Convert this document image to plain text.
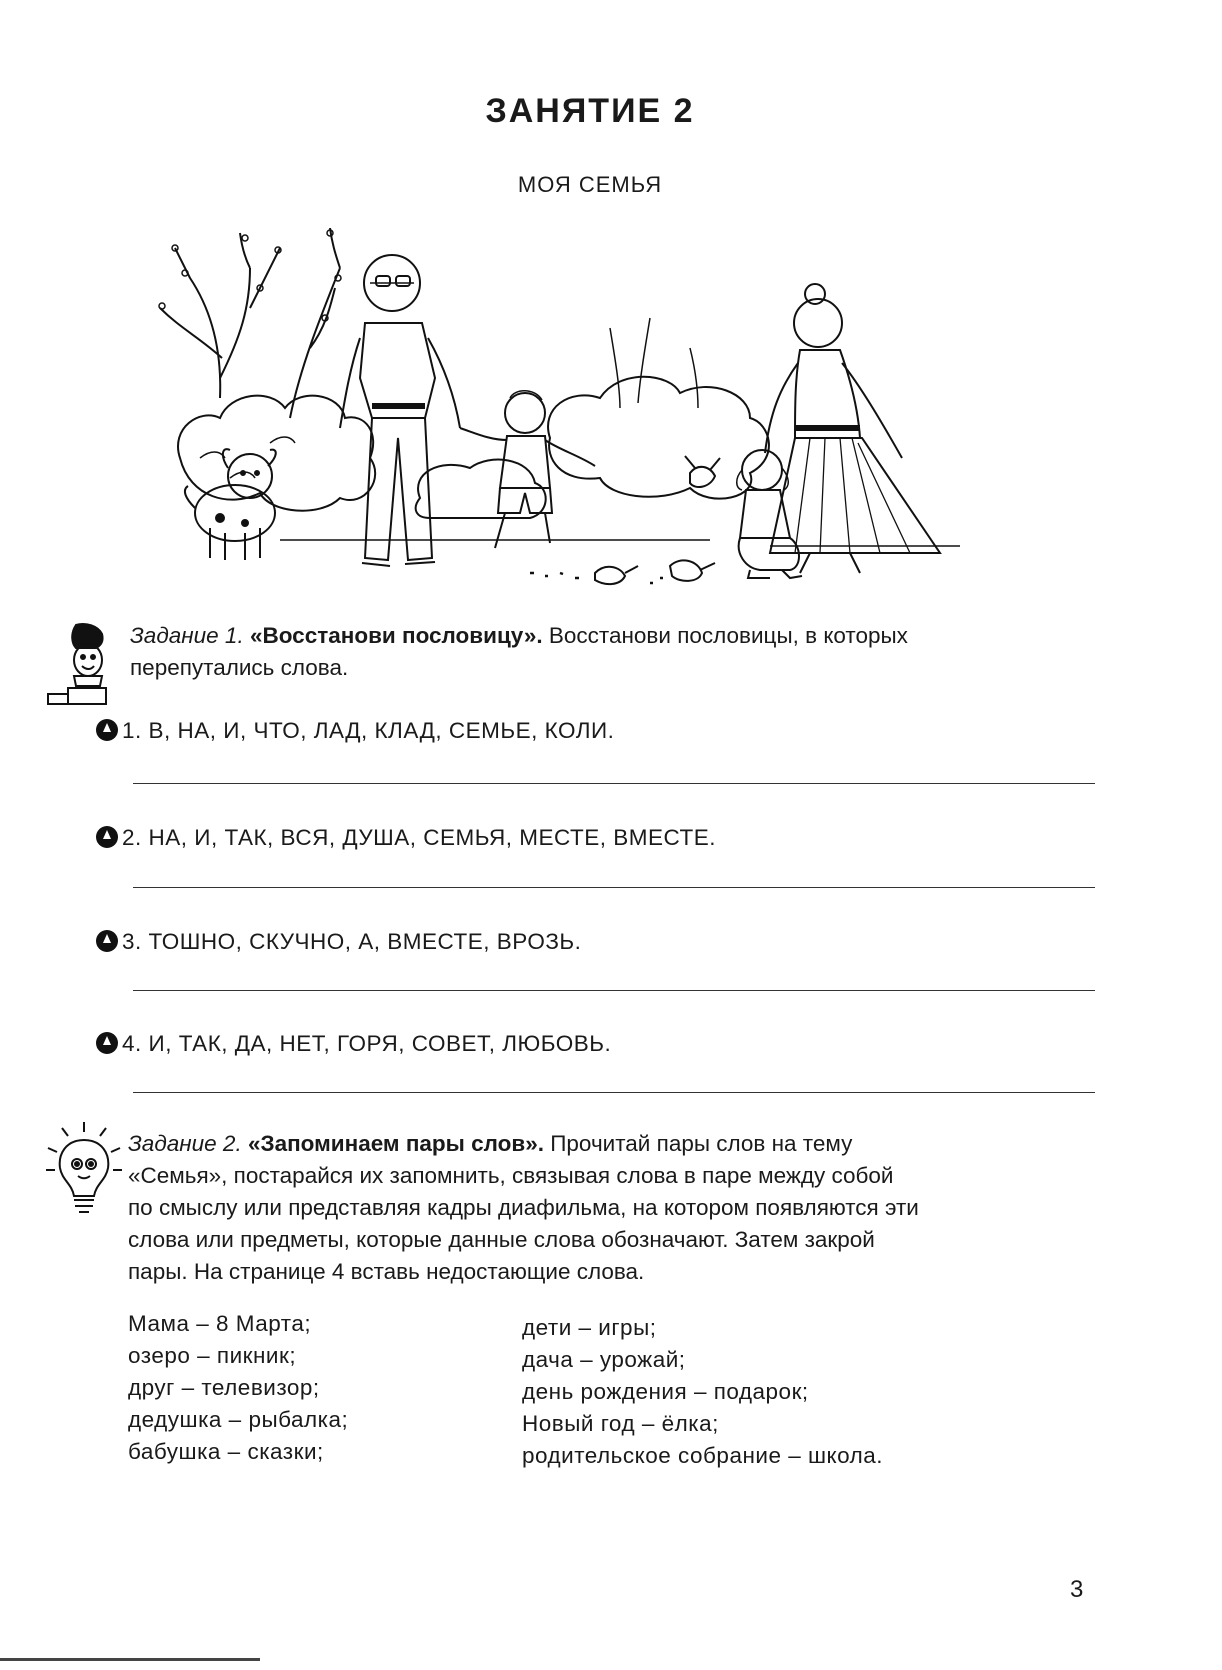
ЗАНЯТИЕ 2
МОЯ СЕМЬЯ
Задание 1. «Восстанови пословицу». Восстанови пословицы, в которых
перепутались слова.
1. В, НА, И, ЧТО, ЛАД, КЛАД, СЕМЬЕ, КОЛИ.
2. НА, И, ТАК, ВСЯ, ДУША, СЕМЬЯ, МЕСТЕ, ВМЕСТЕ.
3. ТОШНО, СКУЧНО, А, ВМЕСТЕ, ВРОЗЬ.
4. И, ТАК, ДА, НЕТ, ГОРЯ, СОВЕТ, ЛЮБОВЬ.
Задание 2. «Запоминаем пары слов». Прочитай пары слов на тему
«Семья», постарайся их запомнить, связывая слова в паре между собой
по смыслу или представляя кадры диафильма, на котором появляются эти
слова или предметы, которые данные слова обозначают. Затем закрой
пары. На странице 4 вставь недостающие слова.
Мама – 8 Марта;
озеро – пикник;
друг – телевизор;
дедушка – рыбалка;
бабушка – сказки;
дети – игры;
дача – урожай;
день рождения – подарок;
Новый год – ёлка;
родительское собрание – школа.
3
